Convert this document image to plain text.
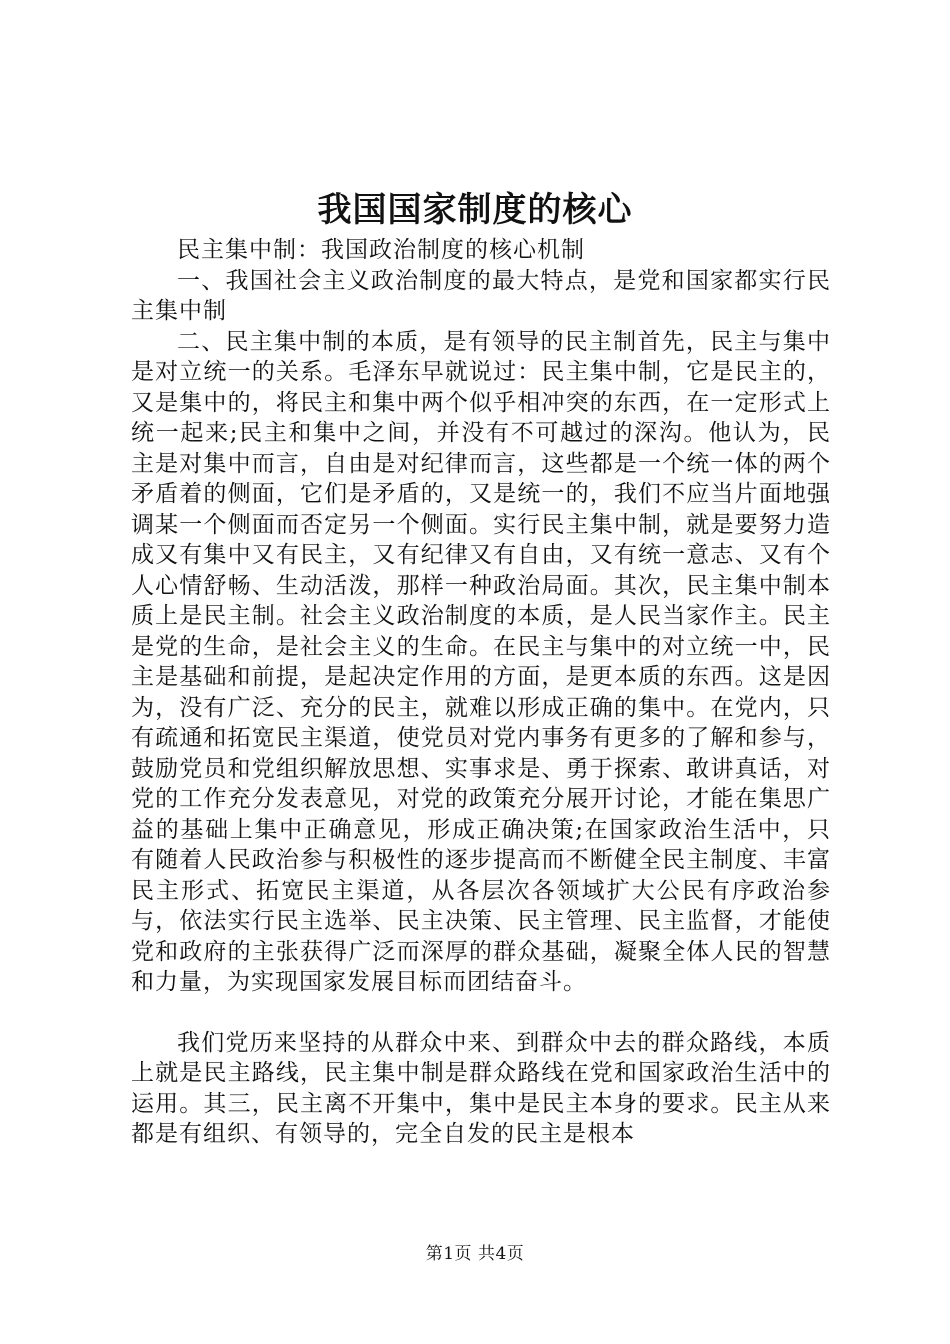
我国国家制度的核心

民主集中制：我国政治制度的核心机制

一、我国社会主义政治制度的最大特点，是党和国家都实行民主集中制

二、民主集中制的本质，是有领导的民主制首先，民主与集中是对立统一的关系。毛泽东早就说过：民主集中制，它是民主的，又是集中的，将民主和集中两个似乎相冲突的东西，在一定形式上统一起来;民主和集中之间，并没有不可越过的深沟。他认为，民主是对集中而言，自由是对纪律而言，这些都是一个统一体的两个矛盾着的侧面，它们是矛盾的，又是统一的，我们不应当片面地强调某一个侧面而否定另一个侧面。实行民主集中制，就是要努力造成又有集中又有民主，又有纪律又有自由，又有统一意志、又有个人心情舒畅、生动活泼，那样一种政治局面。其次，民主集中制本质上是民主制。社会主义政治制度的本质，是人民当家作主。民主是党的生命，是社会主义的生命。在民主与集中的对立统一中，民主是基础和前提，是起决定作用的方面，是更本质的东西。这是因为，没有广泛、充分的民主，就难以形成正确的集中。在党内，只有疏通和拓宽民主渠道，使党员对党内事务有更多的了解和参与，鼓励党员和党组织解放思想、实事求是、勇于探索、敢讲真话，对党的工作充分发表意见，对党的政策充分展开讨论，才能在集思广益的基础上集中正确意见，形成正确决策;在国家政治生活中，只有随着人民政治参与积极性的逐步提高而不断健全民主制度、丰富民主形式、拓宽民主渠道，从各层次各领域扩大公民有序政治参与，依法实行民主选举、民主决策、民主管理、民主监督，才能使党和政府的主张获得广泛而深厚的群众基础，凝聚全体人民的智慧和力量，为实现国家发展目标而团结奋斗。

我们党历来坚持的从群众中来、到群众中去的群众路线，本质上就是民主路线，民主集中制是群众路线在党和国家政治生活中的运用。其三，民主离不开集中，集中是民主本身的要求。民主从来都是有组织、有领导的，完全自发的民主是根本

第1页 共4页
